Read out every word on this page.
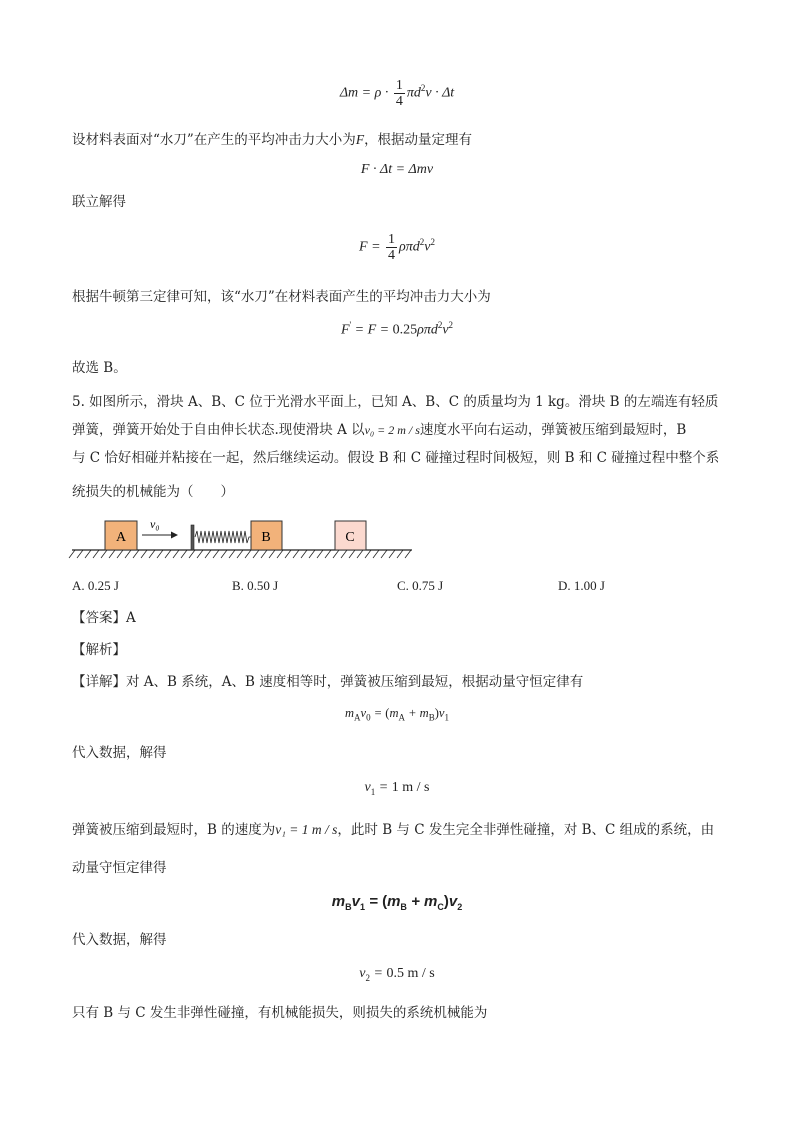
$\Delta m = \rho \cdot \frac{1}{4} \pi d^2v \cdot \Delta t$
设材料表面对“水刀”在产生的平均冲击力大小为F，根据动量定理有
F · Δt = Δmv
联立解得
$F = \frac{1}{4} \rho\pi d^2v^2$
根据牛顿第三定律可知，该“水刀”在材料表面产生的平均冲击力大小为
$F' = F = 0.25\rho\pi d^2v^2$
故选 B。
5. 如图所示，滑块 A、B、C 位于光滑水平面上，已知 A、B、C 的质量均为 1 kg。滑块 B 的左端连有轻质
弹簧，弹簧开始处于自由伸长状态.现使滑块 A 以v₀ = 2 m / s速度水平向右运动，弹簧被压缩到最短时，B
与 C 恰好相碰并粘接在一起，然后继续运动。假设 B 和 C 碰撞过程时间极短，则 B 和 C 碰撞过程中整个系
统损失的机械能为（　　）
A
v₀
B	C
A. 0.25 J	B. 0.50 J	C. 0.75 J	D. 1.00 J
【答案】A
【解析】
【详解】对 A、B 系统，A、B 速度相等时，弹簧被压缩到最短，根据动量守恒定律有
$m_Av_0 = (m_A + m_B)v_1$
代入数据，解得
$v_1 = 1$ m / s
弹簧被压缩到最短时，B 的速度为v₁ = 1 m / s，此时 B 与 C 发生完全非弹性碰撞，对 B、C 组成的系统，由
动量守恒定律得
$m_Bv_1 = (m_B + m_C)v_2$
代入数据，解得
$v_2 = 0.5$ m / s
只有 B 与 C 发生非弹性碰撞，有机械能损失，则损失的系统机械能为
